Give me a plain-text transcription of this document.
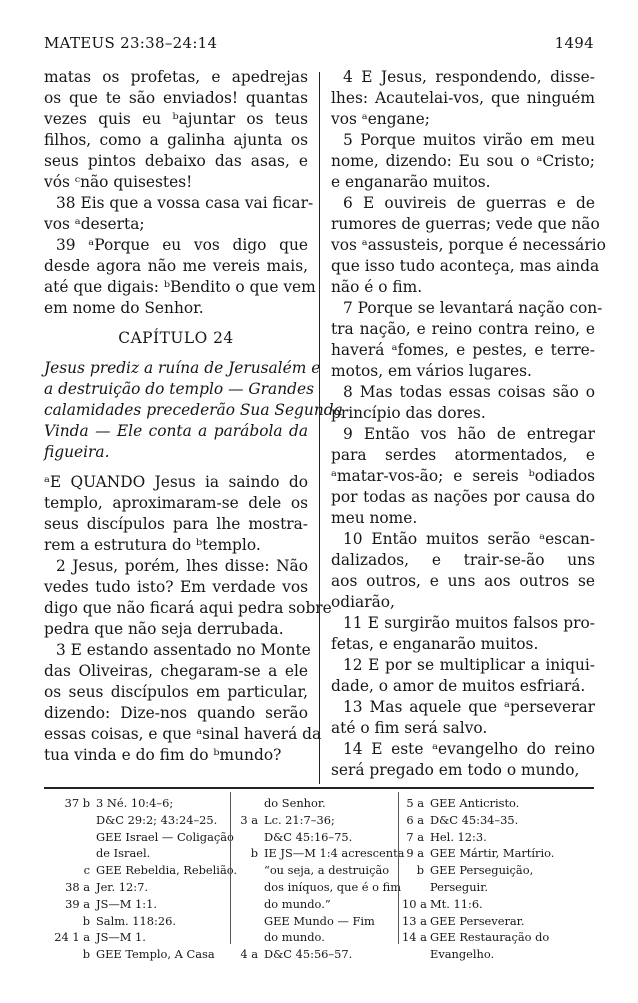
MATEUS 23:38–24:14	1494
matas os profetas, e apedrejas
os que te são enviados! quantas
vezes quis eu ᵇajuntar os teus
filhos, como a galinha ajunta os
seus pintos debaixo das asas, e
vós ᶜnão quisestes!
38 Eis que a vossa casa vai ficar-
vos ᵃdeserta;
39 ᵃPorque eu vos digo que
desde agora não me vereis mais,
até que digais: ᵇBendito o que vem
em nome do Senhor.
CAPÍTULO 24
Jesus prediz a ruína de Jerusalém e
a destruição do templo — Grandes
calamidades precederão Sua Segunda
Vinda — Ele conta a parábola da
figueira.
ᵃE QUANDO Jesus ia saindo do
templo, aproximaram-se dele os
seus discípulos para lhe mostra-
rem a estrutura do ᵇtemplo.
2 Jesus, porém, lhes disse: Não
vedes tudo isto? Em verdade vos
digo que não ficará aqui pedra sobre
pedra que não seja derrubada.
3 E estando assentado no Monte
das Oliveiras, chegaram-se a ele
os seus discípulos em particular,
dizendo: Dize-nos quando serão
essas coisas, e que ᵃsinal haverá da
tua vinda e do fim do ᵇmundo?
4 E Jesus, respondendo, disse-
lhes: Acautelai-vos, que ninguém
vos ᵃengane;
5 Porque muitos virão em meu
nome, dizendo: Eu sou o ᵃCristo;
e enganarão muitos.
6 E ouvireis de guerras e de
rumores de guerras; vede que não
vos ᵃassusteis, porque é necessário
que isso tudo aconteça, mas ainda
não é o fim.
7 Porque se levantará nação con-
tra nação, e reino contra reino, e
haverá ᵃfomes, e pestes, e terre-
motos, em vários lugares.
8 Mas todas essas coisas são o
princípio das dores.
9 Então vos hão de entregar
para serdes atormentados, e
ᵃmatar-vos-ão; e sereis ᵇodiados
por todas as nações por causa do
meu nome.
10 Então muitos serão ᵃescan-
dalizados, e trair-se-ão uns
aos outros, e uns aos outros se
odiarão,
11 E surgirão muitos falsos pro-
fetas, e enganarão muitos.
12 E por se multiplicar a iniqui-
dade, o amor de muitos esfriará.
13 Mas aquele que ᵃperseverar
até o fim será salvo.
14 E este ᵃevangelho do reino
será pregado em todo o mundo,
37 b 3 Né. 10:4–6;
D&C 29:2; 43:24–25.
GEE Israel — Coligação
de Israel.
c GEE Rebeldia, Rebelião.
38 a Jer. 12:7.
39 a JS—M 1:1.
b Salm. 118:26.
24 1 a JS—M 1.
b GEE Templo, A Casa
do Senhor.
3 a Lc. 21:7–36;
D&C 45:16–75.
b IE JS—M 1:4 acrescenta
“ou seja, a destruição
dos iníquos, que é o fim
do mundo.”
GEE Mundo — Fim
do mundo.
4 a D&C 45:56–57.
5 a GEE Anticristo.
6 a D&C 45:34–35.
7 a Hel. 12:3.
9 a GEE Mártir, Martírio.
b GEE Perseguição,
Perseguir.
10 a Mt. 11:6.
13 a GEE Perseverar.
14 a GEE Restauração do
Evangelho.
